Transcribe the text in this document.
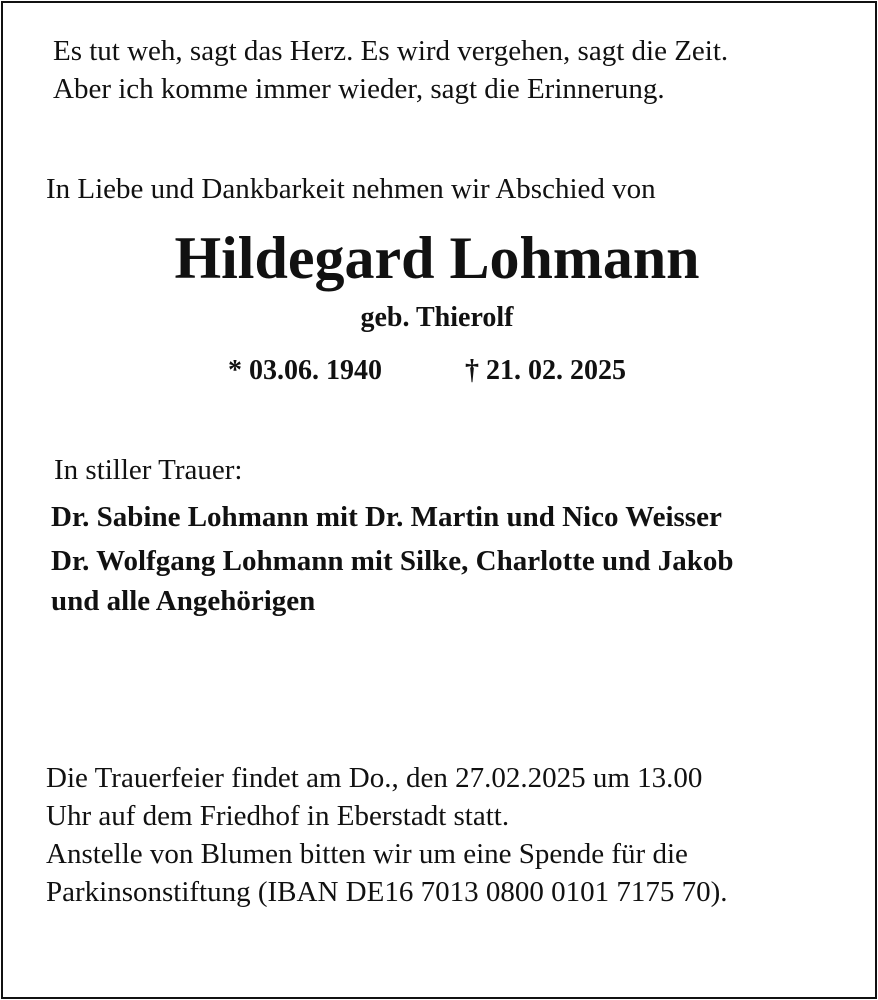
Es tut weh, sagt das Herz. Es wird vergehen, sagt die Zeit.
Aber ich komme immer wieder, sagt die Erinnerung.
In Liebe und Dankbarkeit nehmen wir Abschied von
Hildegard Lohmann
geb. Thierolf
* 03.06. 1940	† 21. 02. 2025
In stiller Trauer:
Dr. Sabine Lohmann mit Dr. Martin und Nico Weisser
Dr. Wolfgang Lohmann mit Silke, Charlotte und Jakob
und alle Angehörigen
Die Trauerfeier findet am Do., den 27.02.2025 um 13.00
Uhr auf dem Friedhof in Eberstadt statt.
Anstelle von Blumen bitten wir um eine Spende für die
Parkinsonstiftung (IBAN DE16 7013 0800 0101 7175 70).
